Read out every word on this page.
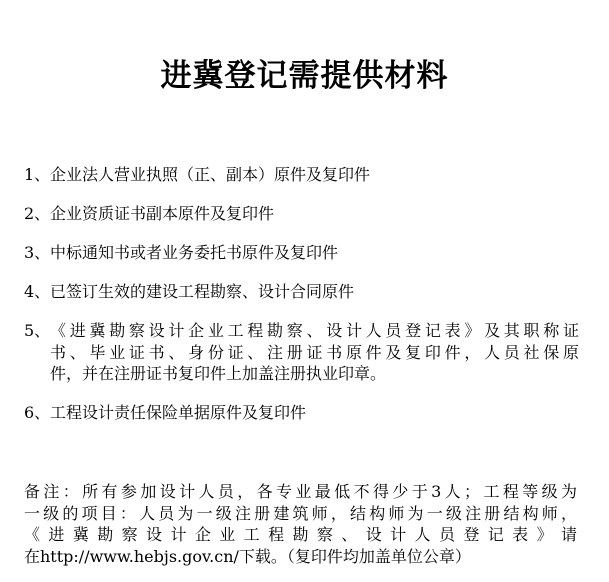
进冀登记需提供材料
1、企业法人营业执照（正、副本）原件及复印件
2、企业资质证书副本原件及复印件
3、中标通知书或者业务委托书原件及复印件
4、已签订生效的建设工程勘察、设计合同原件
5、 《进冀勘察设计企业工程勘察、设计人员登记表》及其职称证
书、毕业证书、身份证、注册证书原件及复印件，人员社保原
件，并在注册证书复印件上加盖注册执业印章。
6、工程设计责任保险单据原件及复印件
备注：所有参加设计人员，各专业最低不得少于3人；工程等级为
一级的项目：人员为一级注册建筑师，结构师为一级注册结构师，
《进冀勘察设计企业工程勘察、设计人员登记表》请
在http://www.hebjs.gov.cn/下载。（复印件均加盖单位公章）
